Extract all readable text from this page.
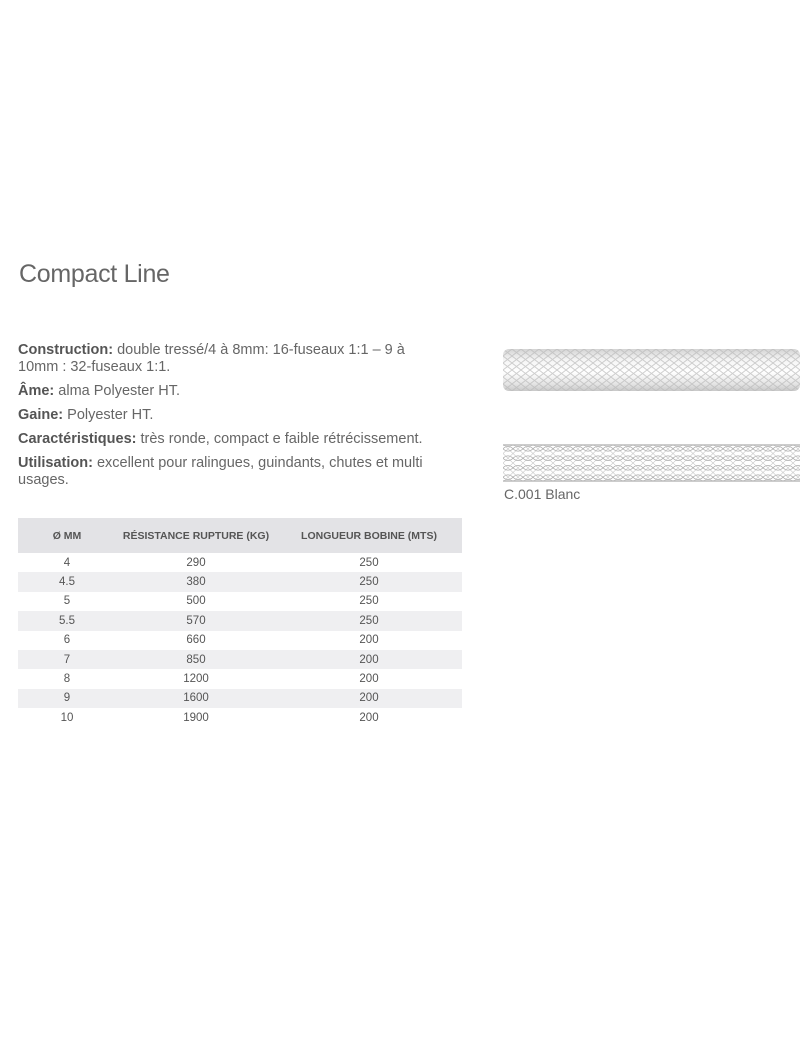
Compact Line

Construction: double tressé/4 à 8mm: 16-fuseaux 1:1 – 9 à 10mm : 32-fuseaux 1:1.

Âme: alma Polyester HT.

Gaine: Polyester HT.

Caractéristiques: très ronde, compact e faible rétrécissement.

Utilisation: excellent pour ralingues, guindants, chutes et multi usages.

Ø MM	RÉSISTANCE RUPTURE (KG)	LONGUEUR BOBINE (MTS)
4	290	250
4.5	380	250
5	500	250
5.5	570	250
6	660	200
7	850	200
8	1200	200
9	1600	200
10	1900	200
C.001 Blanc
